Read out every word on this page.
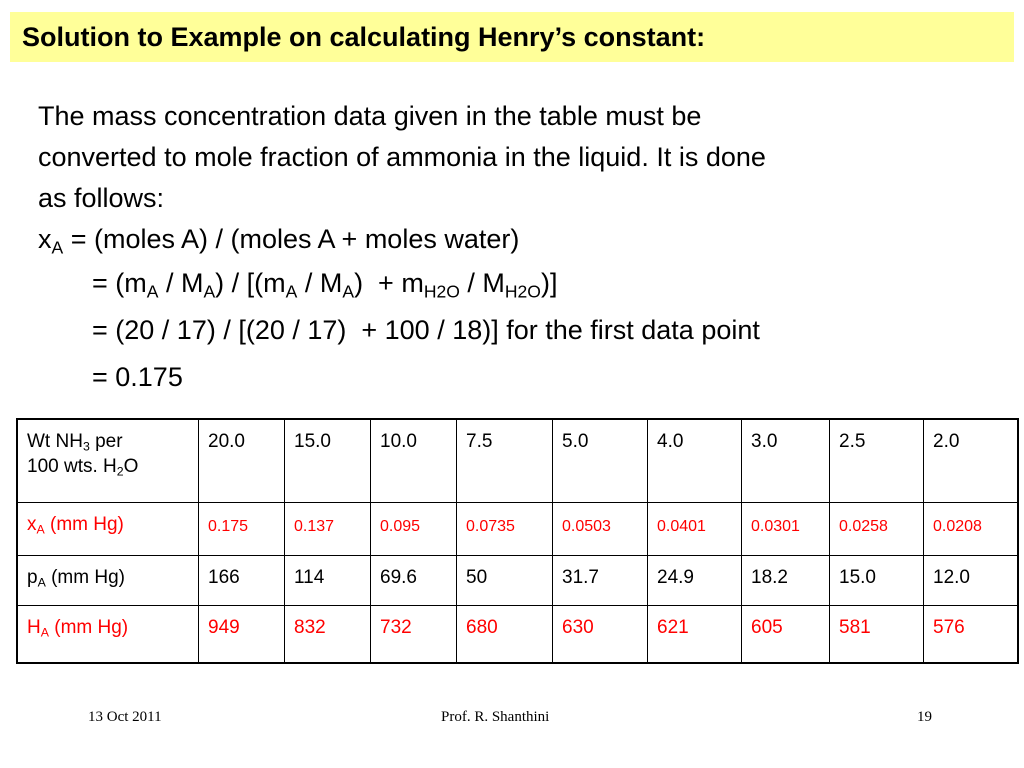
Solution to Example on calculating Henry’s constant:
The mass concentration data given in the table must be
converted to mole fraction of ammonia in the liquid. It is done
as follows:
$x_A$ = (moles A) / (moles A + moles water)
= $(m_A / M_A) / [(m_A / M_A) + m_{H2O} / M_{H2O})$]
= (20 / 17) / [(20 / 17)  + 100 / 18)] for the first data point
= 0.175
Wt $NH_3$ per
100 wts. $H_2O$	20.0	15.0	10.0	7.5	5.0	4.0	3.0	2.5	2.0
$x_A$ (mm Hg)	0.175	0.137	0.095	0.0735	0.0503	0.0401	0.0301	0.0258	0.0208
$p_A$ (mm Hg)	166	114	69.6	50	31.7	24.9	18.2	15.0	12.0
$H_A$ (mm Hg)	949	832	732	680	630	621	605	581	576
13 Oct 2011	Prof. R. Shanthini	19
